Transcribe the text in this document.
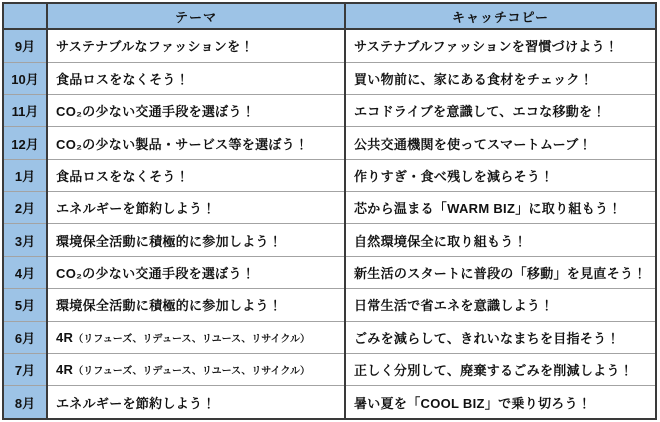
	テーマ	キャッチコピー
9月	サステナブルなファッションを！	サステナブルファッションを習慣づけよう！
10月	食品ロスをなくそう！	買い物前に、家にある食材をチェック！
11月	CO₂の少ない交通手段を選ぼう！	エコドライブを意識して、エコな移動を！
12月	CO₂の少ない製品・サービス等を選ぼう！	公共交通機関を使ってスマートムーブ！
1月	食品ロスをなくそう！	作りすぎ・食べ残しを減らそう！
2月	エネルギーを節約しよう！	芯から温まる「WARM BIZ」に取り組もう！
3月	環境保全活動に積極的に参加しよう！	自然環境保全に取り組もう！
4月	CO₂の少ない交通手段を選ぼう！	新生活のスタートに普段の「移動」を見直そう！
5月	環境保全活動に積極的に参加しよう！	日常生活で省エネを意識しよう！
6月	4R（リフューズ、リデュース、リユース、リサイクル）	ごみを減らして、きれいなまちを目指そう！
7月	4R（リフューズ、リデュース、リユース、リサイクル）	正しく分別して、廃棄するごみを削減しよう！
8月	エネルギーを節約しよう！	暑い夏を「COOL BIZ」で乗り切ろう！
